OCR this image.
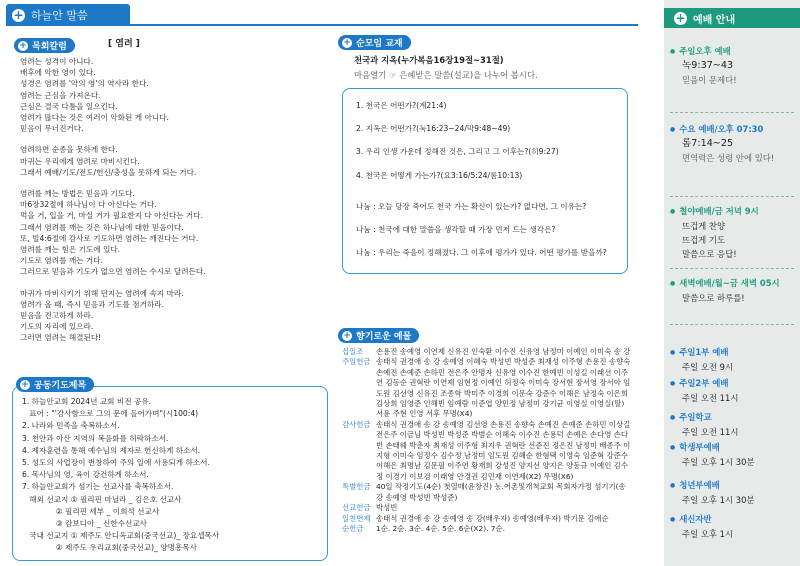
+ 하늘안 말씀
+ 목회칼럼	[ 염려 ]
염려는 성격이 아니다.
배후에 악한 영이 있다.
성경은 염려를 '악의 영'의 역사라 한다.
염려는 근심을 가져온다.
근심은 결국 다툼을 일으킨다.
염려가 많다는 것은 여러이 악화된 게 아니다.
믿음이 무너진거다.
염려하면 순종을 못하게 한다.
마귀는 우리에게 염려로 마비시킨다.
그래서 예배/기도/전도/헌신/충성을 못하게 되는 거다.
염려를 깨는 방법은 믿음과 기도다.
마6장32절에 하나님이 다 아신다는 거다.
먹을 거, 입을 거, 마실 거가 필요한지 다 아신다는 거다.
그래서 염려를 깨는 것은 하나님에 대한 믿음이다.
또, 빌4:6절에 감사로 기도하면 염려는 깨진다는 거다.
염려를 깨는 힘은 기도에 있다.
기도로 염려를 깨는 거다.
그러므로 믿음과 기도가 없으면 염려는 수시로 달려든다.
마귀가 마비시키기 위해 던지는 염려에 속지 마라.
염려가 올 때, 즉시 믿음과 기도를 점거하라.
믿음을 견고하게 하라.
기도의 자리에 있으라.
그러면 염려는 해결된다!
+ 공동기도제목
1. 하늘안교회 2024년 교회 비전 공유.
표어 : "'감사함으로 그의 문에 들어가며"(시100:4)
2. 나라와 민족을 축복하소서.
3. 천안과 아산 지역의 복음화를 허락하소서.
4. 제자훈련을 통해 예수님의 제자로 헌신하게 하소서.
5. 성도의 사업장이 번창하여 주의 일에 사용되게 하소서.
6. 목사님의 영, 육이 강건하게 하소서.
7. 하늘안교회가 섬기는 선교사를 축복하소서.
해외 선교지 ① 필리핀 마닐라 _ 김은호 선교사
② 필리핀 세부 _ 이희석 선교사
③ 캄보디아 _ 신한수선교사
국내 선교지 ① 제주도 안디옥교회(중국선교)_ 장요셉목사
② 제주도 우리교회(중국선교)_ 양명흥목사
+ 순모임 교재
천국과 지옥(누가복음16장19절~31절)
마음열기 ☞ 은혜받은 말씀(설교)을 나누어 봅시다.
1. 천국은 어떤가?(계21:4)
2. 지옥은 어떤가?(눅16:23~24/막9:48~49)
3. 우리 인생 가운데 정해진 것은, 그리고 그 이후는?(히9:27)
4. 천국은 어떻게 가는가?(요3:16/5:24/롬10:13)
나눔 : 오늘 당장 죽어도 천국 가는 확신이 있는가? 없다면, 그 이유는?
나눔 : 천국에 대한 말씀을 생각할 때 가장 먼저 드는 생각은?
나눔 : 우리는 죽음이 정해졌다. 그 이후에 평가가 있다. 어떤 평가를 받을까?
+ 향기로운 예물
십일조	손용진 송예영 이연제 신유진 인숙환 이수진 신유영 남정미 이예인 이미숙 송 강
주일헌금 송태식 권경애 송 강 송예영 이혜숙 박성빈 박성준 최재성 이주형 손용진 송향숙 손예진 손예준 손하민 전은주 안명자 신유영 이수진 한예빈 이성길 이래선 이주연 김동순 권혁란 이연제 임현정 이예인 허정숙 이미숙 장서현 장서영 장서아 임도원 김선영 신유진 조종학 박미주 이경희 이문숙 강준수 이해은 남정숙 이은희 김상희 임영준 인해빈 임예람 이준엽 양민정 남정미 강기균 이영실 이영실(딸) 서윤 주현 인영 서후 무명(X4)
감사헌금 송태식 권경애 송 강 송예영 김선영 손용진 송향숙 손예진 손예준 손하민 이상길 전은주 이금님 박성빈 박성준 박범순 이혜숙 이수진 손용덕 손예은 손다영 손다빈 손태웨 박춘자 최재성 이주형 최지우 권혁란 선준진 정은진 남정미 배종주 이지형 이미숙 임정수 김수정 남정미 임도원 김혜순 한형택 이영숙 임준혁 강준수 이해은 최명남 김문필 이주연 황재희 강성진 양지선 양지은 양동규 이예인 김수정 이경기 이보검 이래영 안경권 김민재 이연제(X2) 무명(X6)
특별헌금 40일 작정기도(4순) 첫열매(윤창진) 농.어촌및개척교회 목회자가정 섬기기(송 강 송예영 박성빈 박성준)
선교헌금 박성빈
일천번제 송태식 권경애 송 강 송예영 송 강(배우자) 송예영(배우자) 박기문 김애순
순헌금	1순. 2순. 3순. 4순. 5순. 6순(X2). 7순.
+ 예배 안내
● 주일오후 예배
녹9:37~43
믿음이 문제다!
● 수요 예배/오후 07:30
롬7:14~25
면역력은 성령 안에 있다!
● 철야예배/금 저녁 9시
뜨겁게 찬양
뜨겁게 기도
말씀으로 응답!
● 새벽예배/월~금 새벽 05시
말씀으로 하루를!
● 주일1부 예배
주일 오전 9시
● 주일2부 예배
주일 오전 11시
● 주일학교
주일 오전 11시
● 학생부예배
주일 오후 1시 30분
● 청년부예배
주일 오후 1시 30분
● 새신자반
주일 오후 1시
